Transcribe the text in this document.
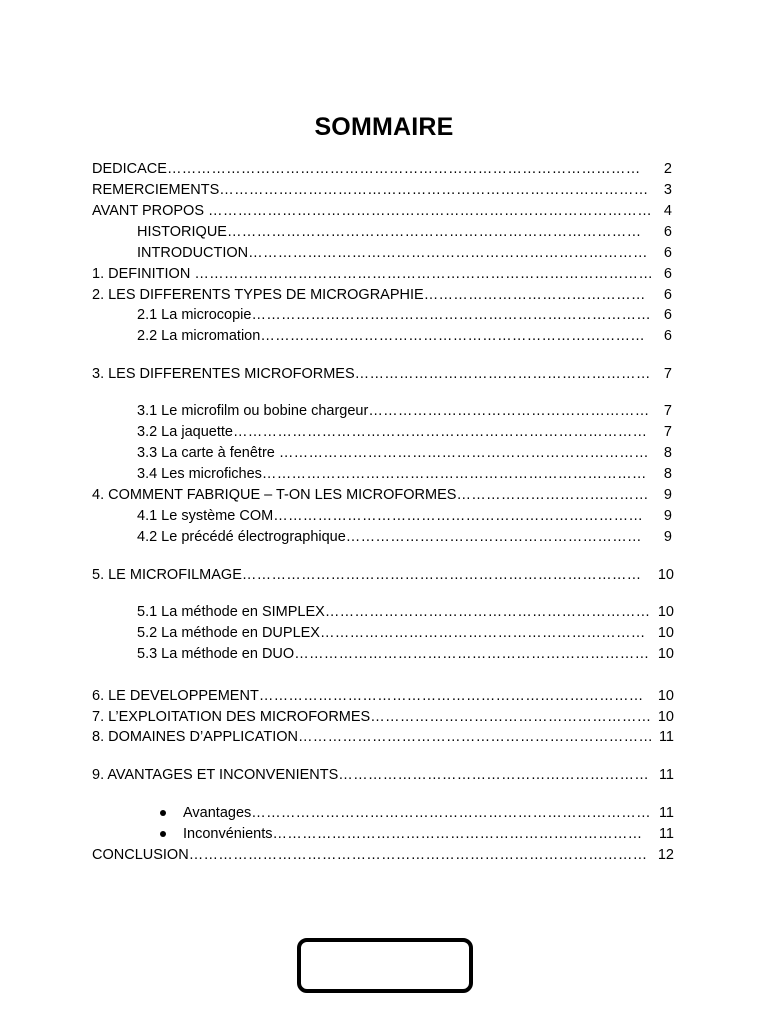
SOMMAIRE
DEDICACE……………………………………………………………………………………
REMERCIEMENTS……………………………………………………………………………
AVANT PROPOS ………………………………………………………………………………
HISTORIQUE…………………………………………………………………………
INTRODUCTION………………………………………………………………………
1. DEFINITION …………………………………………………………………………………
2. LES DIFFERENTS TYPES DE MICROGRAPHIE………………………………………
2.1 La microcopie………………………………………………………………………
2.2 La micromation……………………………………………………………………
3. LES DIFFERENTES MICROFORMES……………………………………………………
3.1 Le microfilm ou bobine chargeur…………………………………………………
3.2 La jaquette…………………………………………………………………………
3.3 La carte à fenêtre …………………………………………………………………
3.4 Les microfiches……………………………………………………………………
4. COMMENT FABRIQUE – T-ON LES MICROFORMES…………………………………
4.1 Le système COM…………………………………………………………………
4.2 Le précédé électrographique……………………………………………………
5. LE MICROFILMAGE………………………………………………………………………
5.1 La méthode en SIMPLEX…………………………………………………………
5.2 La méthode en DUPLEX…………………………………………………………
5.3 La méthode en DUO………………………………………………………………
6. LE DEVELOPPEMENT……………………………………………………………………
7. L’EXPLOITATION DES MICROFORMES…………………………………………………
8. DOMAINES D’APPLICATION………………………………………………………………
9. AVANTAGES ET INCONVENIENTS………………………………………………………
Avantages………………………………………………………………………
Inconvénients…………………………………………………………………
CONCLUSION…………………………………………………………………………………
2
3
4
6
6
6
6
6
6
7
7
7
8
8
9
9
9
10
10
10
10
10
10
11
11
11
11
12
